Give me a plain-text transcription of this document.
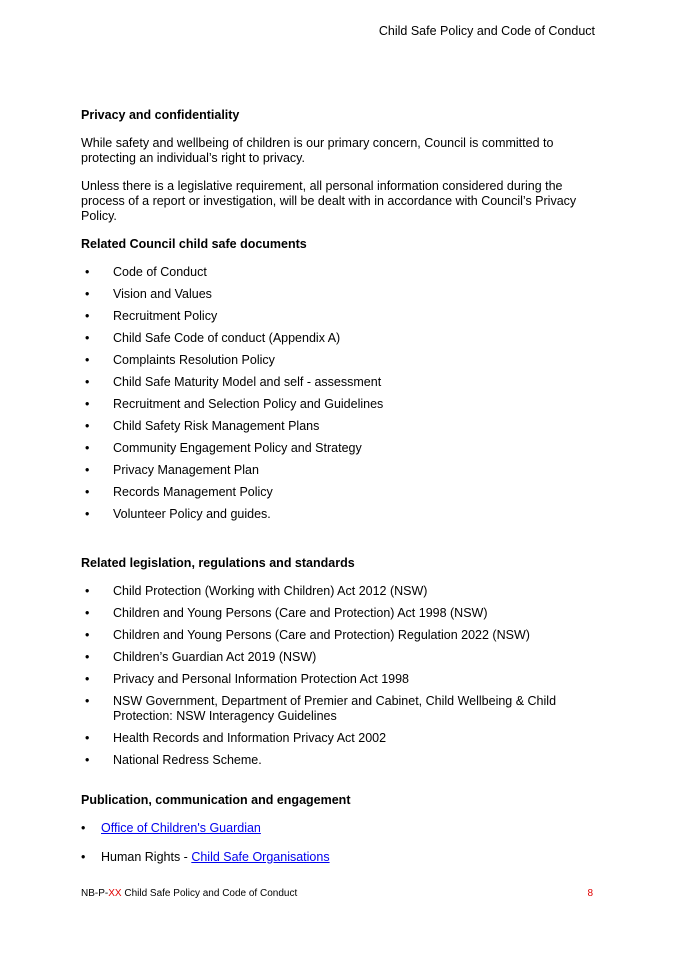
Child Safe Policy and Code of Conduct
Privacy and confidentiality

While safety and wellbeing of children is our primary concern, Council is committed to protecting an individual’s right to privacy.

Unless there is a legislative requirement, all personal information considered during the process of a report or investigation, will be dealt with in accordance with Council’s Privacy Policy.

Related Council child safe documents
• Code of Conduct
• Vision and Values
• Recruitment Policy
• Child Safe Code of conduct (Appendix A)
• Complaints Resolution Policy
• Child Safe Maturity Model and self - assessment
• Recruitment and Selection Policy and Guidelines
• Child Safety Risk Management Plans
• Community Engagement Policy and Strategy
• Privacy Management Plan
• Records Management Policy
• Volunteer Policy and guides.
Related legislation, regulations and standards
• Child Protection (Working with Children) Act 2012 (NSW)
• Children and Young Persons (Care and Protection) Act 1998 (NSW)
• Children and Young Persons (Care and Protection) Regulation 2022 (NSW)
• Children’s Guardian Act 2019 (NSW)
• Privacy and Personal Information Protection Act 1998
• NSW Government, Department of Premier and Cabinet, Child Wellbeing & Child Protection: NSW Interagency Guidelines
• Health Records and Information Privacy Act 2002
• National Redress Scheme.
Publication, communication and engagement
• Office of Children's Guardian
• Human Rights - Child Safe Organisations
NB-P-XX Child Safe Policy and Code of Conduct	8
